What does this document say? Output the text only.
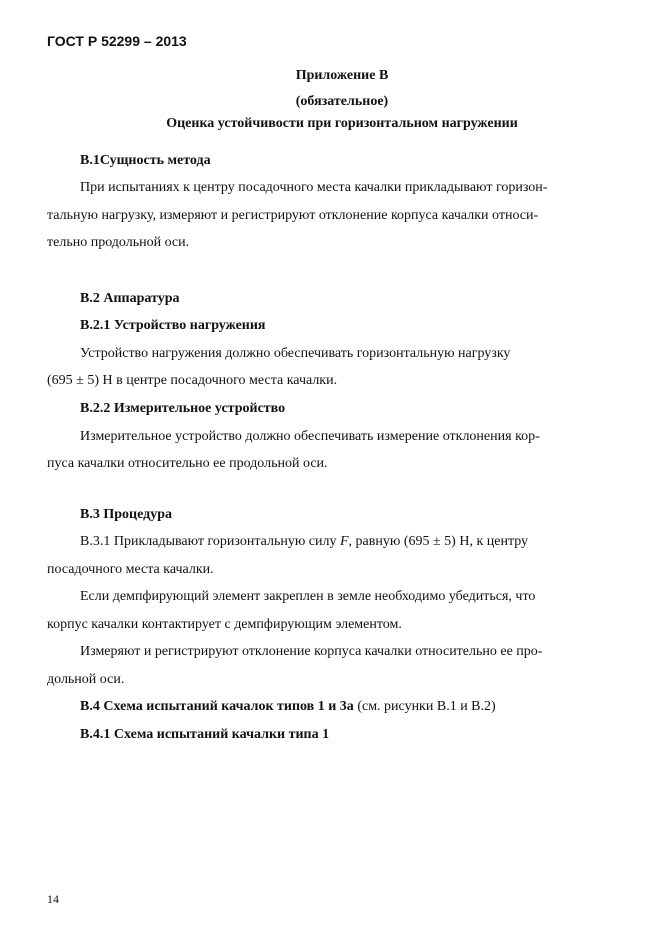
ГОСТ Р 52299 – 2013
Приложение В
(обязательное)
Оценка устойчивости при горизонтальном нагружении
В.1Сущность метода
При испытаниях к центру посадочного места качалки прикладывают горизон-
тальную нагрузку, измеряют и регистрируют отклонение корпуса качалки относи-
тельно продольной оси.
В.2 Аппаратура
В.2.1 Устройство нагружения
Устройство нагружения должно обеспечивать горизонтальную нагрузку
(695 ± 5) Н в центре посадочного места качалки.
В.2.2 Измерительное устройство
Измерительное устройство должно обеспечивать измерение отклонения кор-
пуса качалки относительно ее продольной оси.
В.3 Процедура
В.3.1 Прикладывают горизонтальную силу F, равную (695 ± 5) Н, к центру
посадочного места качалки.
Если демпфирующий элемент закреплен в земле необходимо убедиться, что
корпус качалки контактирует с демпфирующим элементом.
Измеряют и регистрируют отклонение корпуса качалки относительно ее про-
дольной оси.
В.4 Схема испытаний качалок типов 1 и 3а (см. рисунки В.1 и В.2)
В.4.1 Схема испытаний качалки типа 1
14
